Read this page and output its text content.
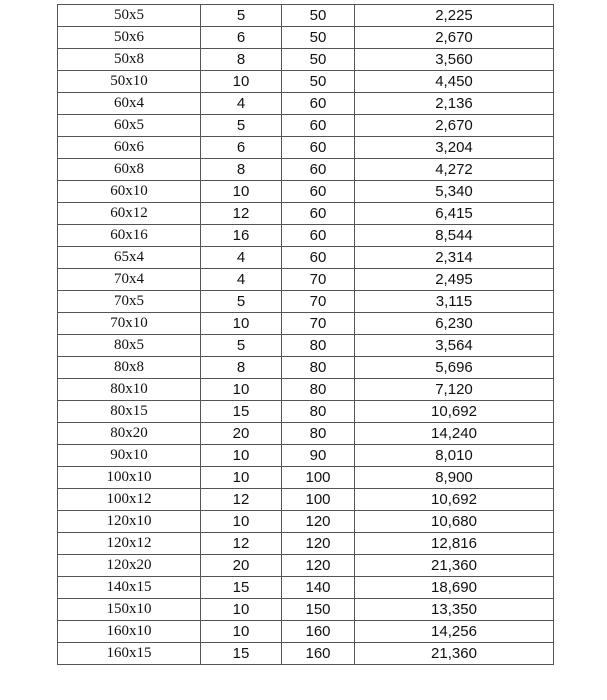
50x5	5	50	2,225
50x6	6	50	2,670
50x8	8	50	3,560
50x10	10	50	4,450
60x4	4	60	2,136
60x5	5	60	2,670
60x6	6	60	3,204
60x8	8	60	4,272
60x10	10	60	5,340
60x12	12	60	6,415
60x16	16	60	8,544
65x4	4	60	2,314
70x4	4	70	2,495
70x5	5	70	3,115
70x10	10	70	6,230
80x5	5	80	3,564
80x8	8	80	5,696
80x10	10	80	7,120
80x15	15	80	10,692
80x20	20	80	14,240
90x10	10	90	8,010
100x10	10	100	8,900
100x12	12	100	10,692
120x10	10	120	10,680
120x12	12	120	12,816
120x20	20	120	21,360
140x15	15	140	18,690
150x10	10	150	13,350
160x10	10	160	14,256
160x15	15	160	21,360
